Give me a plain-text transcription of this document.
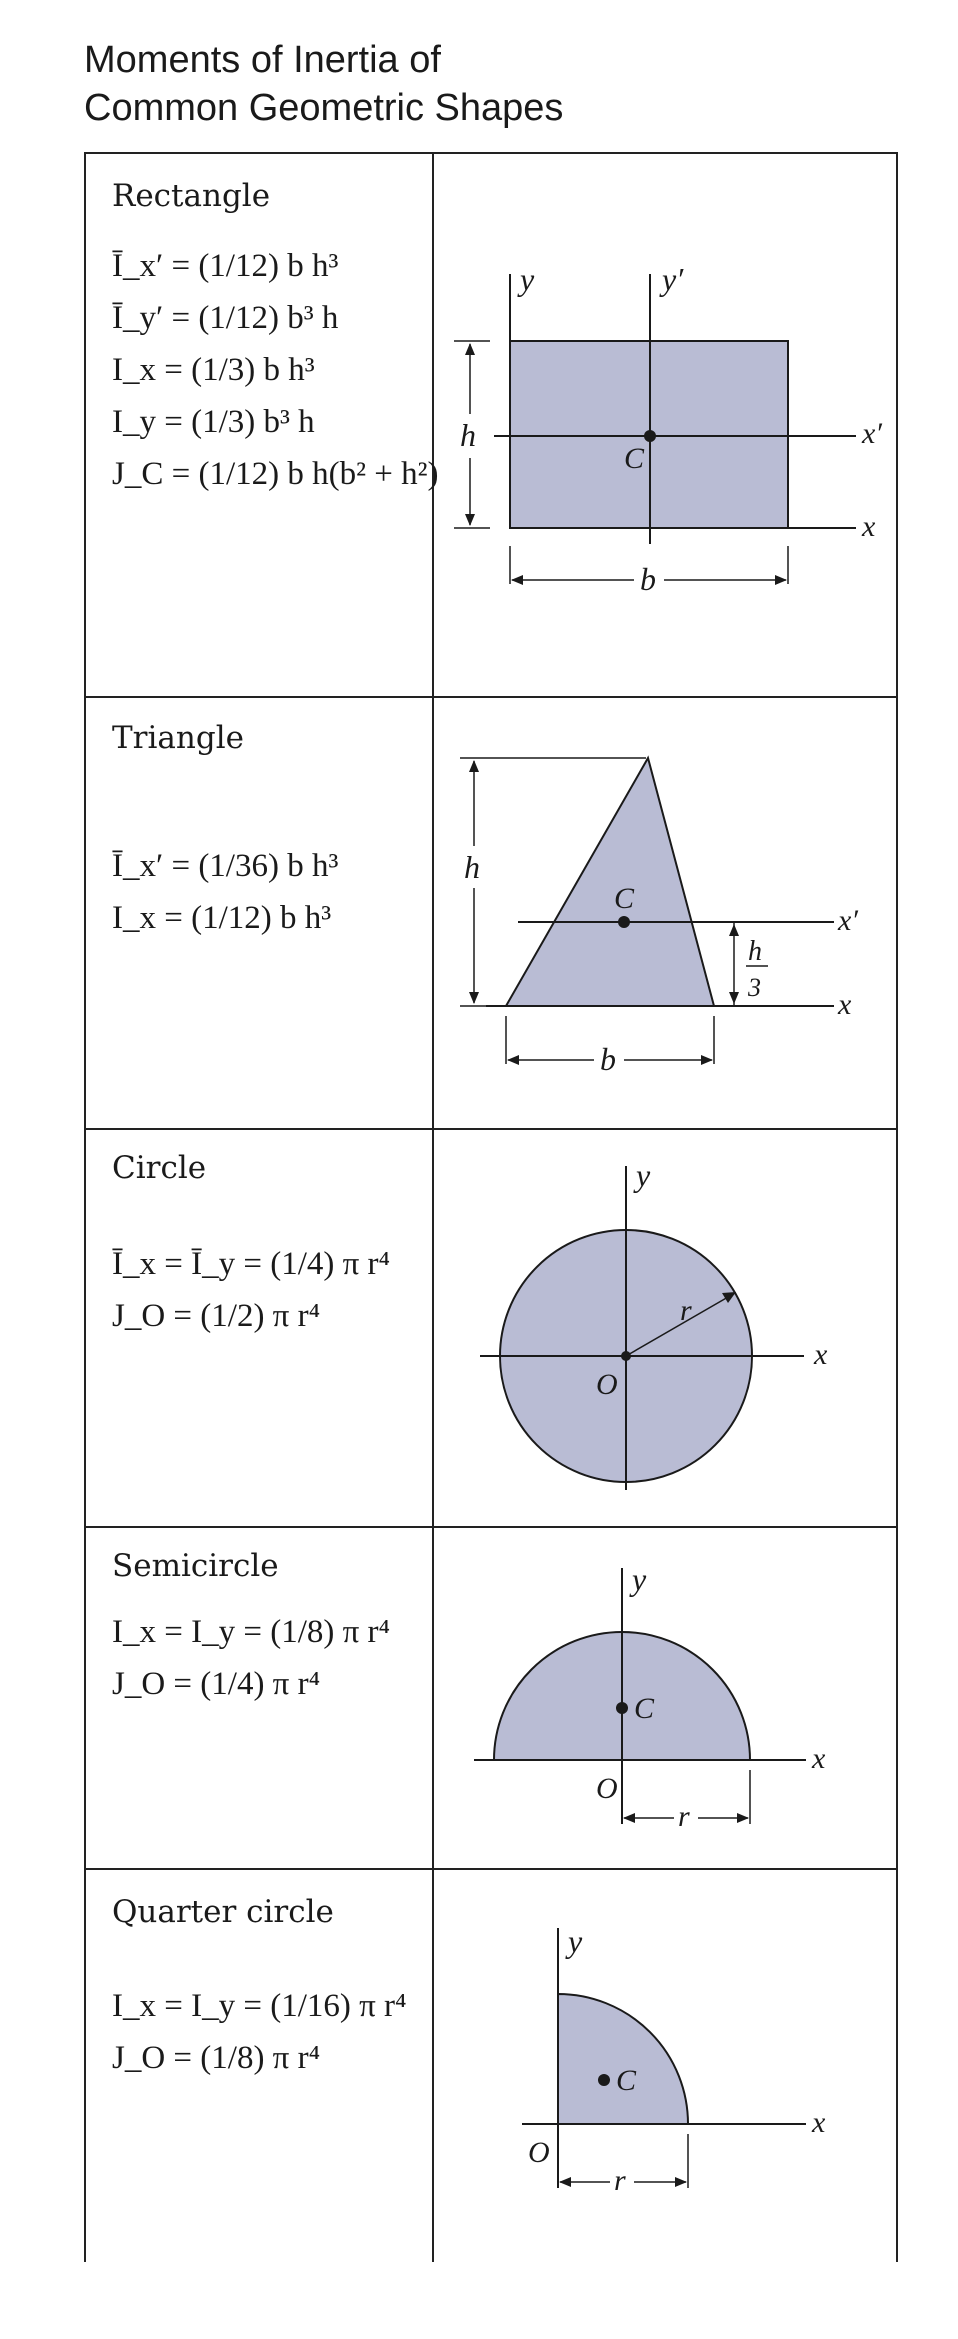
Moments of Inertia of
Common Geometric Shapes
Rectangle
Ī_x′ = (1/12) b h³
Ī_y′ = (1/12) b³ h
I_x = (1/3) b h³
I_y = (1/3) b³ h
J_C = (1/12) b h(b² + h²)
y	y′
x′
x
C
h
b
Triangle
Ī_x′ = (1/36) b h³
I_x = (1/12) b h³
C
x′
x
h
h
3
b
Circle
Ī_x = Ī_y = (1/4) π r⁴
J_O = (1/2) π r⁴
y
x
r
O
Semicircle
I_x = I_y = (1/8) π r⁴
J_O = (1/4) π r⁴
C
y
x
O
r
Quarter circle
I_x = I_y = (1/16) π r⁴
J_O = (1/8) π r⁴
C
y
x
O
r
